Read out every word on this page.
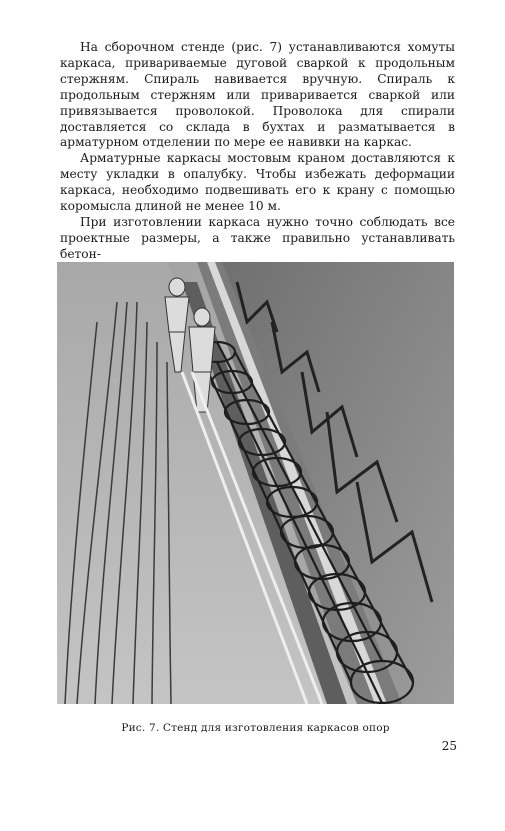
На сборочном стенде (рис. 7) устанавливаются хомуты каркаса, привариваемые дуговой сваркой к продольным стержням. Спираль навивается вручную. Спираль к продольным стержням или приваривается сваркой или привязывается проволокой. Проволока для спирали доставляется со склада в бухтах и разматывается в арматурном отделении по мере ее навивки на каркас.

Арматурные каркасы мостовым краном доставляются к месту укладки в опалубку. Чтобы избежать деформации каркаса, необходимо подвешивать его к крану с помощью коромысла длиной не менее 10 м.

При изготовлении каркаса нужно точно соблюдать все проектные размеры, а также правильно устанавливать бетон-

Рис. 7. Стенд для изготовления каркасов опор
25
